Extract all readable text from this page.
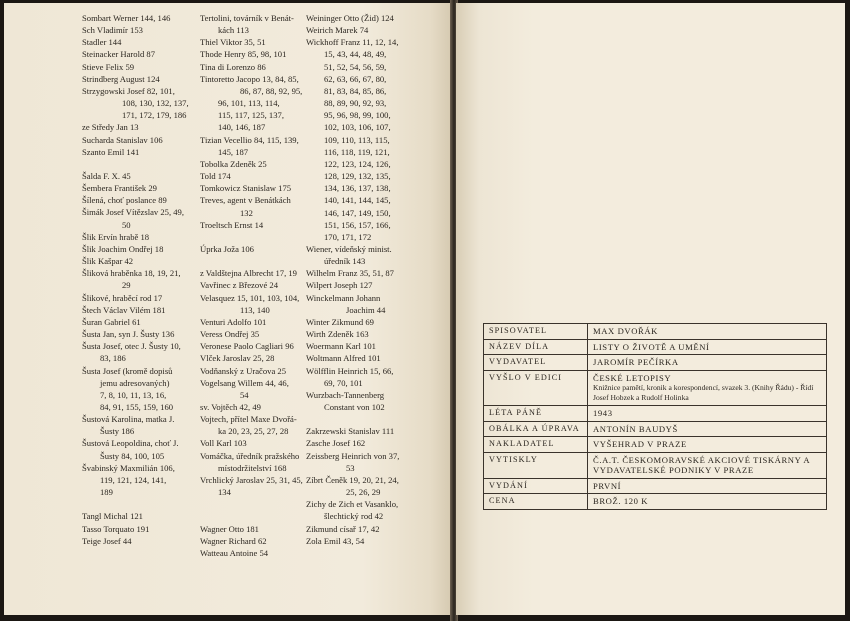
Sombart Werner 144, 146
Sch Vladimír 153
Stadler 144
Steinacker Harold 87
Stieve Felix 59
Strindberg August 124
Strzygowski Josef 82, 101,
108, 130, 132, 137,
171, 172, 179, 186
ze Středy Jan 13
Sucharda Stanislav 106
Szanto Emil 141
Šalda F. X. 45
Šembera František 29
Šílená, choť poslance 89
Šimák Josef Vítězslav 25, 49,
50
Šlik Ervín hrabě 18
Šlik Joachim Ondřej 18
Šlik Kašpar 42
Šliková hraběnka 18, 19, 21,
29
Šlikové, hraběcí rod 17
Štech Václav Vilém 181
Šuran Gabriel 61
Šusta Jan, syn J. Šusty 136
Šusta Josef, otec J. Šusty 10,
83, 186
Šusta Josef (kromě dopisů
jemu adresovaných)
7, 8, 10, 11, 13, 16,
84, 91, 155, 159, 160
Šustová Karolina, matka J.
Šusty 186
Šustová Leopoldina, choť J.
Šusty 84, 100, 105
Švabinský Maxmilián 106,
119, 121, 124, 141,
189
Tangl Michal 121
Tasso Torquato 191
Teige Josef 44
Tertolini, továrník v Benát-
kách 113
Thiel Viktor 35, 51
Thode Henry 85, 98, 101
Tina di Lorenzo 86
Tintoretto Jacopo 13, 84, 85,
86, 87, 88, 92, 95,
96, 101, 113, 114,
115, 117, 125, 137,
140, 146, 187
Tizian Vecellio 84, 115, 139,
145, 187
Tobolka Zdeněk 25
Told 174
Tomkowicz Stanislaw 175
Treves, agent v Benátkách
132
Troeltsch Ernst 14
Úprka Joža 106
z Valdštejna Albrecht 17, 19
Vavřinec z Březové 24
Velasquez 15, 101, 103, 104,
113, 140
Venturi Adolfo 101
Veress Ondřej 35
Veronese Paolo Cagliari 96
Vlček Jaroslav 25, 28
Vodňanský z Uračova 25
Vogelsang Willem 44, 46,
54
sv. Vojtěch 42, 49
Vojtech, přítel Maxe Dvořá-
ka 20, 23, 25, 27, 28
Voll Karl 103
Vomáčka, úředník pražského
místodržitelství 168
Vrchlický Jaroslav 25, 31, 45,
134
Wagner Otto 181
Wagner Richard 62
Watteau Antoine 54
Weininger Otto (Žid) 124
Weirich Marek 74
Wickhoff Franz 11, 12, 14,
15, 43, 44, 48, 49,
51, 52, 54, 56, 59,
62, 63, 66, 67, 80,
81, 83, 84, 85, 86,
88, 89, 90, 92, 93,
95, 96, 98, 99, 100,
102, 103, 106, 107,
109, 110, 113, 115,
116, 118, 119, 121,
122, 123, 124, 126,
128, 129, 132, 135,
134, 136, 137, 138,
140, 141, 144, 145,
146, 147, 149, 150,
151, 156, 157, 166,
170, 171, 172
Wiener, vídeňský minist.
úředník 143
Wilhelm Franz 35, 51, 87
Wilpert Joseph 127
Winckelmann Johann
Joachim 44
Winter Zikmund 69
Wirth Zdeněk 163
Woermann Karl 101
Woltmann Alfred 101
Wölfflin Heinrich 15, 66,
69, 70, 101
Wurzbach-Tannenberg
Constant von 102
Zakrzewski Stanislav 111
Zasche Josef 162
Zeissberg Heinrich von 37,
53
Zíbrt Čeněk 19, 20, 21, 24,
25, 26, 29
Zichy de Zich et Vasanklo,
šlechtický rod 42
Zikmund císař 17, 42
Zola Emil 43, 54
SPISOVATEL	MAX DVOŘÁK

NÁZEV DÍLA	LISTY O ŽIVOTĚ A UMĚNÍ

VYDAVATEL	JAROMÍR PEČÍRKA

VYŠLO V EDICI	ČESKÉ LETOPISY
Knižnice pamětí, kronik a korespondencí, svazek 3. (Knihy Řádu) - Řídí Josef Hobzek a Rudolf Holinka

LÉTA PÁNĚ	1943

OBÁLKA A ÚPRAVA	ANTONÍN BAUDYŠ

NAKLADATEL	VYŠEHRAD V PRAZE

VYTISKLY	Č.A.T. ČESKOMORAVSKÉ AKCIOVÉ TISKÁRNY A VYDAVATELSKÉ PODNIKY V PRAZE

VYDÁNÍ	PRVNÍ

CENA	BROŽ. 120 K
